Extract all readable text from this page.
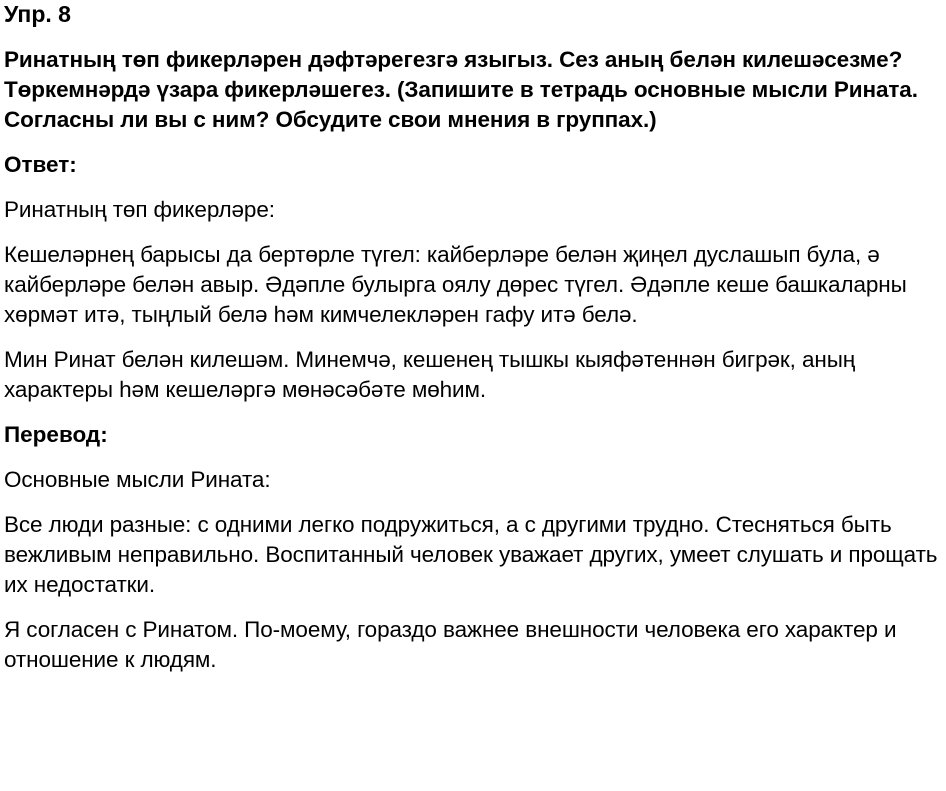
Упр. 8

Ринатның төп фикерләрен дәфтәрегезгә языгыз. Сез аның белән килешәсезме? Төркемнәрдә үзара фикерләшегез. (Запишите в тетрадь основные мысли Рината. Согласны ли вы с ним? Обсудите свои мнения в группах.)

Ответ:

Ринатның төп фикерләре:

Кешеләрнең барысы да бертөрле түгел: кайберләре белән җиңел дуслашып була, ә кайберләре белән авыр. Әдәпле булырга оялу дөрес түгел. Әдәпле кеше башкаларны хөрмәт итә, тыңлый белә һәм кимчелекләрен гафу итә белә.

Мин Ринат белән килешәм. Минемчә, кешенең тышкы кыяфәтеннән бигрәк, аның характеры һәм кешеләргә мөнәсәбәте мөһим.

Перевод:

Основные мысли Рината:

Все люди разные: с одними легко подружиться, а с другими трудно. Стесняться быть вежливым неправильно. Воспитанный человек уважает других, умеет слушать и прощать их недостатки.

Я согласен с Ринатом. По-моему, гораздо важнее внешности человека его характер и отношение к людям.
